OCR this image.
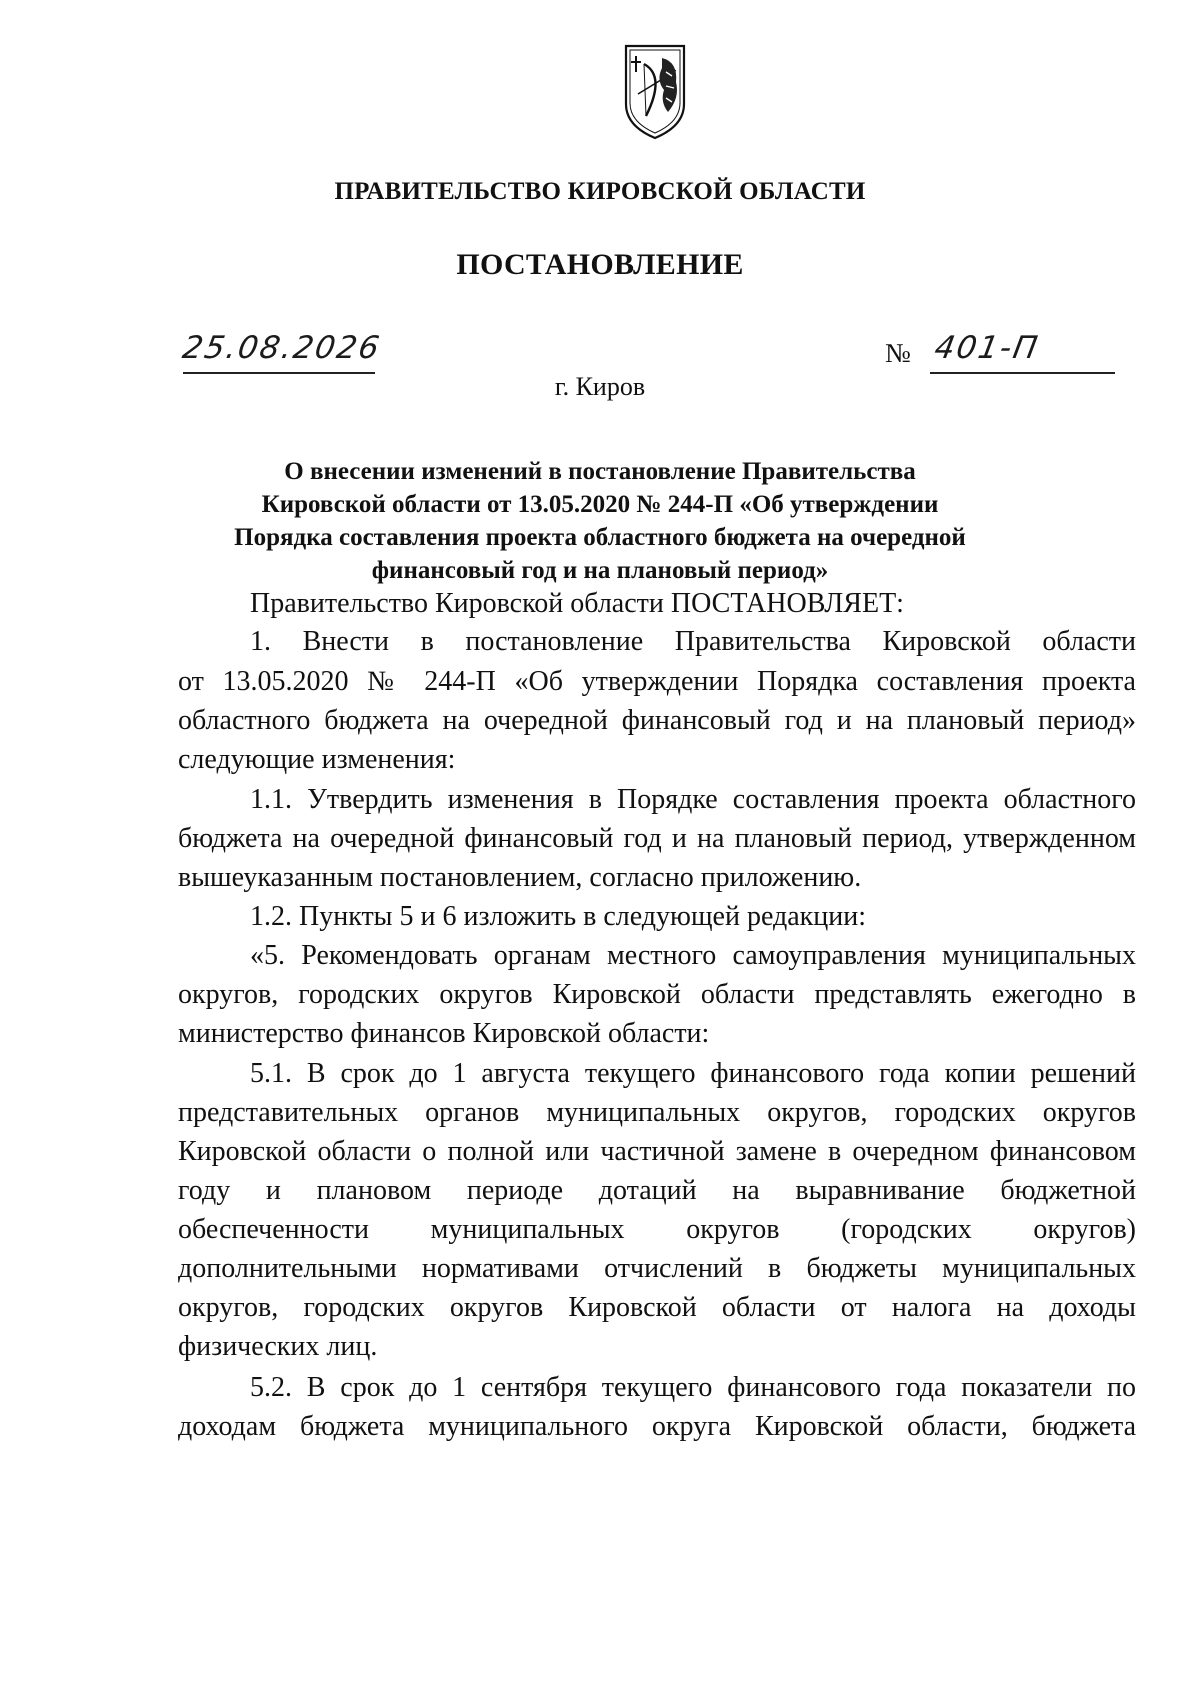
ПРАВИТЕЛЬСТВО КИРОВСКОЙ ОБЛАСТИ
ПОСТАНОВЛЕНИЕ
25.08.2026	№ 401-П
г. Киров
О внесении изменений в постановление Правительства
Кировской области от 13.05.2020 № 244-П «Об утверждении
Порядка составления проекта областного бюджета на очередной
финансовый год и на плановый период»
Правительство Кировской области ПОСТАНОВЛЯЕТ:
1. Внести в постановление Правительства Кировской области
от 13.05.2020 № 244-П «Об утверждении Порядка составления проекта
областного бюджета на очередной финансовый год и на плановый период»
следующие изменения:
1.1. Утвердить изменения в Порядке составления проекта областного
бюджета на очередной финансовый год и на плановый период, утвержденном
вышеуказанным постановлением, согласно приложению.
1.2. Пункты 5 и 6 изложить в следующей редакции:
«5. Рекомендовать органам местного самоуправления муниципальных
округов, городских округов Кировской области представлять ежегодно в
министерство финансов Кировской области:
5.1. В срок до 1 августа текущего финансового года копии решений
представительных органов муниципальных округов, городских округов
Кировской области о полной или частичной замене в очередном финансовом
году и плановом периоде дотаций на выравнивание бюджетной
обеспеченности муниципальных округов (городских округов)
дополнительными нормативами отчислений в бюджеты муниципальных
округов, городских округов Кировской области от налога на доходы
физических лиц.
5.2. В срок до 1 сентября текущего финансового года показатели по
доходам бюджета муниципального округа Кировской области, бюджета
